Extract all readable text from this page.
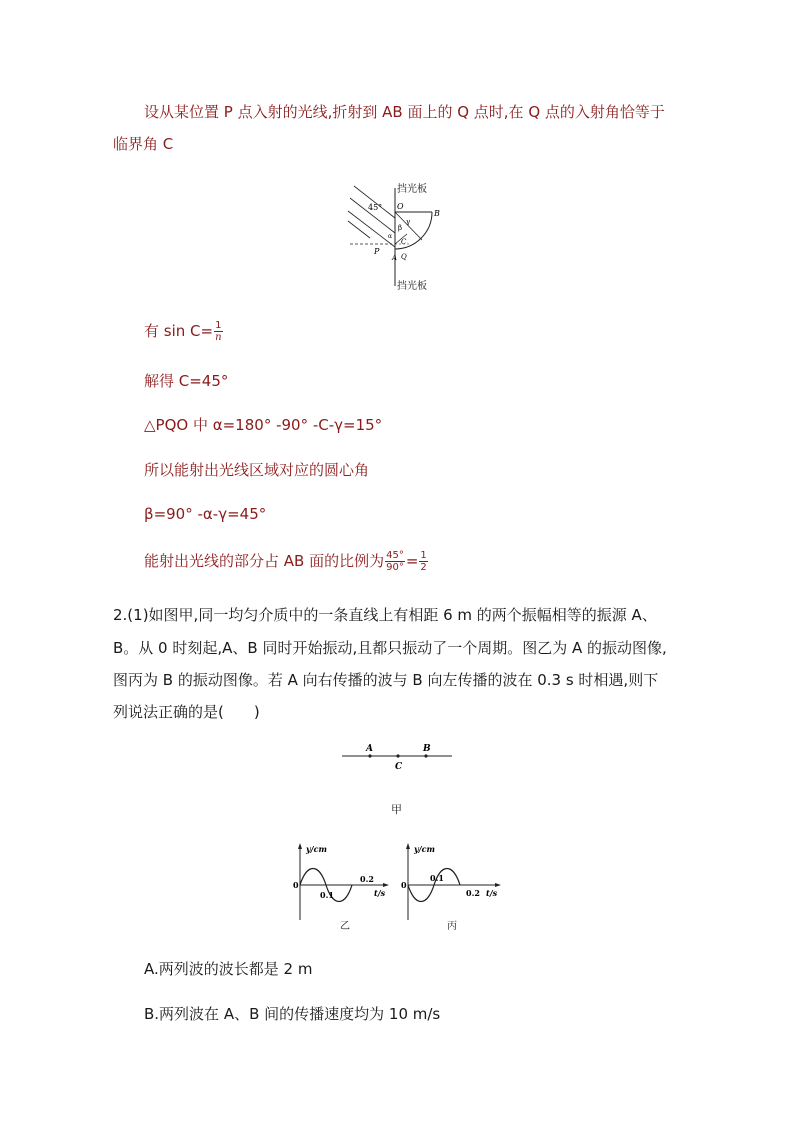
设从某位置 P 点入射的光线,折射到 AB 面上的 Q 点时,在 Q 点的入射角恰等于
临界角 C
45° O
B
γ
β
α
C
P
A Q
挡光板
挡光板
有 $\sin C= \frac{1}{n}$
解得 C=45°
△PQO 中 α=180° -90° -C-γ=15°
所以能射出光线区域对应的圆心角
β=90° -α-γ=45°
能射出光线的部分占 AB 面的比例为 $\frac{45^\circ}{90^\circ} = \frac{1}{2}$
2.(1)如图甲,同一均匀介质中的一条直线上有相距 6 m 的两个振幅相等的振源 A、
B。从 0 时刻起,A、B 同时开始振动,且都只振动了一个周期。图乙为 A 的振动图像,
图丙为 B 的振动图像。若 A 向右传播的波与 B 向左传播的波在 0.3 s 时相遇,则下
列说法正确的是(　　)
A
C
B
甲
y/cm
0
0.1
0.2
t/s
乙
y/cm
0
0.1
0.2 t/s
丙
A.两列波的波长都是 2 m
B.两列波在 A、B 间的传播速度均为 10 m/s
